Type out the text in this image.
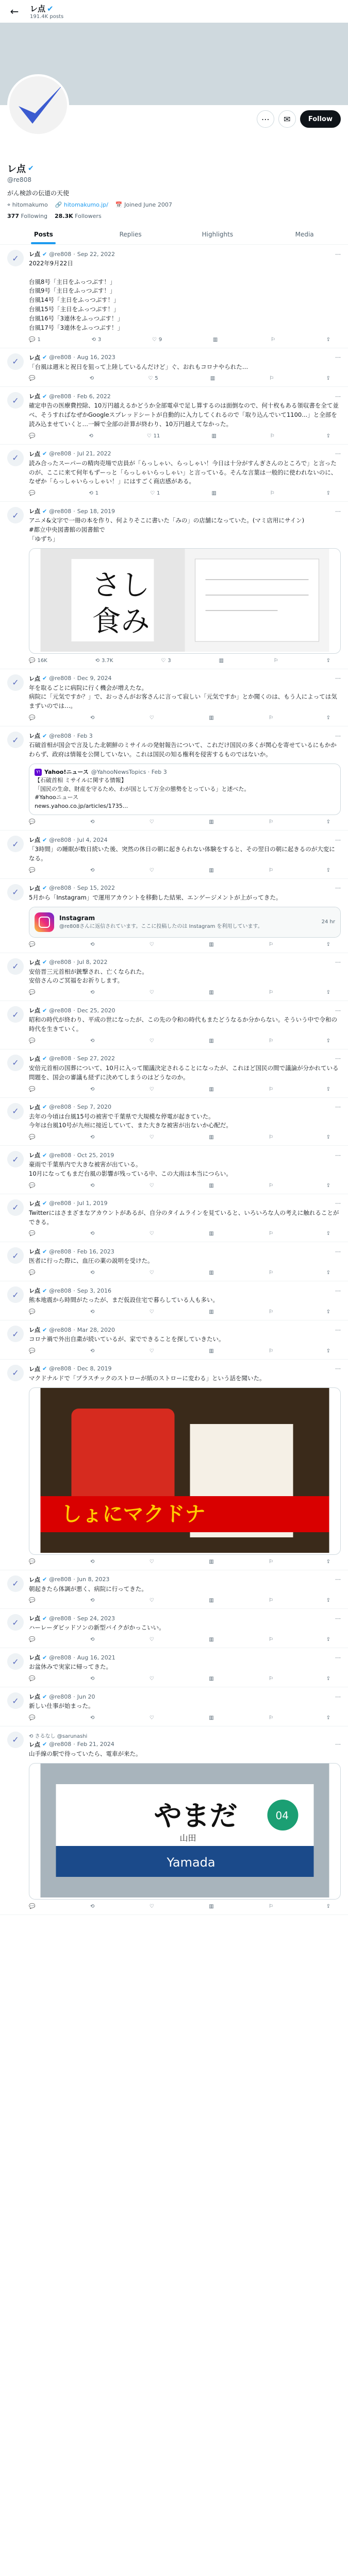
←	レ点 ✔
191.4K posts
⋯	✉	Follow
レ点 ✔
@re808
がん検診の伝道の天使
⌖ hitomakumo 🔗 hitomakumo.jp/ 📅 Joined June 2007
377 Following 28.3K Followers
Posts	Replies	Highlights	Media
✓	レ点 ✔ @re808 · Sep 22, 2022	⋯
2022年9月22日

台風8号「主日をふっつぶす！」
台風9号「主日をふっつぶす！」
台風14号「主日をふっつぶす！」
台風15号「主日をふっつぶす！」
台風16号「3連休をふっつぶす！」
台風17号「3連休をふっつぶす！」
💬 1	⟲ 3	♡ 9	▥	⚐	⇪
✓	レ点 ✔ @re808 · Aug 16, 2023	⋯
「台風は週末と祝日を狙って上陸しているんだけど」ぐ、おれもコロナやられた…
💬	⟲	♡ 5	▥	⚐	⇪
✓	レ点 ✔ @re808 · Feb 6, 2022	⋯
確定申告の医療費控除、10万円越えるかどうか全部電卓で足し算するのは面倒なので、何十枚もある領収書を全て並べ、そうすればなぜかGoogleスプレッドシートが自動的に入力してくれるので「取り込んでいて1100...」と全部を読み込ませていくと…一瞬で全部の計算が終わり、10万円越えてなかった。
💬	⟲	♡ 11	▥	⚐	⇪
✓	レ点 ✔ @re808 · Jul 21, 2022	⋯
読み合ったスーパーの精肉売場で店員が「らっしゃい、らっしゃい！今日は十分がすんぎさんのところで」と言ったのが、ここに来て何年もずーっと「らっしゃいらっしゃい」と言っている。そんな言葉は一般的に使われないのに、なぜか「らっしゃいらっしゃい！」にはすごく商店感がある。
💬	⟲ 1	♡ 1	▥	⚐	⇪
✓	レ点 ✔ @re808 · Sep 18, 2019	⋯
アニメ&文字で一冊の本を作り、何よりそこに書いた「みの」の店舗になっていた。(マミ店用にサイン)
#都立中央図書館の図書館で
「ゆずち」
さし
食み
💬 16K	⟲ 3.7K	♡ 3	▥	⚐	⇪
✓	レ点 ✔ @re808 · Dec 9, 2024	⋯
年を取るごとに病院に行く機会が増えたな。
病院に「元気ですか？」で、おっさんがお客さんに言って寂しい「元気ですか」とか聞くのは、もう人によっては気まずいのでは…。
💬	⟲	♡	▥	⚐	⇪
✓	レ点 ✔ @re808 · Feb 3	⋯
石破首相が国会で言及した北朝鮮のミサイルの発射報告について、これだけ国民の多くが関心を寄せているにもかかわらず、政府は情報を公開していない。これは国民の知る権利を侵害するものではないか。
Y! Yahoo!ニュース @YahooNewsTopics · Feb 3
【石破首相 ミサイルに関する情報】
「国民の生命、財産を守るため、わが国として万全の態勢をとっている」と述べた。
#Yahooニュース
news.yahoo.co.jp/articles/1735...
💬	⟲	♡	▥	⚐	⇪
✓	レ点 ✔ @re808 · Jul 4, 2024	⋯
「3時間」の睡眠が数日続いた後、突然の休日の朝に起きられない体験をすると、その翌日の朝に起きるのが大変になる。
💬	⟲	♡	▥	⚐	⇪
✓	レ点 ✔ @re808 · Sep 15, 2022	⋯
5月から「Instagram」で運用アカウントを移動した結果、エンゲージメントが上がってきた。
Instagram
@re808さんに返信されています。ここに投稿したのは Instagram を利用しています。
24 hr
💬	⟲	♡	▥	⚐	⇪
✓	レ点 ✔ @re808 · Jul 8, 2022	⋯
安倍晋三元首相が銃撃され、亡くなられた。
安倍さんのご冥福をお祈りします。
💬	⟲	♡	▥	⚐	⇪
✓	レ点 ✔ @re808 · Dec 25, 2020	⋯
昭和の時代が終わり、平成の世になったが、この先の令和の時代もまたどうなるか分からない。そういう中で令和の時代を生きていく。
💬	⟲	♡	▥	⚐	⇪
✓	レ点 ✔ @re808 · Sep 27, 2022	⋯
安倍元首相の国葬について、10月に入って閣議決定されることになったが、これほど国民の間で議論が分かれている問題を、国会の審議も経ずに決めてしまうのはどうなのか。
💬	⟲	♡	▥	⚐	⇪
✓	レ点 ✔ @re808 · Sep 7, 2020	⋯
去年の今頃は台風15号の被害で千葉県で大規模な停電が起きていた。
今年は台風10号が九州に接近していて、また大きな被害が出ないか心配だ。
💬	⟲	♡	▥	⚐	⇪
✓	レ点 ✔ @re808 · Oct 25, 2019	⋯
豪雨で千葉県内で大きな被害が出ている。
10月になってもまだ台風の影響が残っている中、この大雨は本当につらい。
💬	⟲	♡	▥	⚐	⇪
✓	レ点 ✔ @re808 · Jul 1, 2019	⋯
Twitterにはさまざまなアカウントがあるが、自分のタイムラインを見ていると、いろいろな人の考えに触れることができる。
💬	⟲	♡	▥	⚐	⇪
✓	レ点 ✔ @re808 · Feb 16, 2023	⋯
医者に行った際に、血圧の薬の説明を受けた。
💬	⟲	♡	▥	⚐	⇪
✓	レ点 ✔ @re808 · Sep 3, 2016	⋯
熊本地震から時間がたったが、まだ仮設住宅で暮らしている人も多い。
💬	⟲	♡	▥	⚐	⇪
✓	レ点 ✔ @re808 · Mar 28, 2020	⋯
コロナ禍で外出自粛が続いているが、家でできることを探していきたい。
💬	⟲	♡	▥	⚐	⇪
✓	レ点 ✔ @re808 · Dec 8, 2019	⋯
マクドナルドで「プラスチックのストローが紙のストローに変わる」という話を聞いた。
しょにマクドナ
💬	⟲	♡	▥	⚐	⇪
✓	レ点 ✔ @re808 · Jun 8, 2023	⋯
朝起きたら体調が悪く、病院に行ってきた。
💬	⟲	♡	▥	⚐	⇪
✓	レ点 ✔ @re808 · Sep 24, 2023	⋯
ハーレーダビッドソンの新型バイクがかっこいい。
💬	⟲	♡	▥	⚐	⇪
✓	レ点 ✔ @re808 · Aug 16, 2021	⋯
お盆休みで実家に帰ってきた。
💬	⟲	♡	▥	⚐	⇪
✓	レ点 ✔ @re808 · Jun 20	⋯
新しい仕事が始まった。
💬	⟲	♡	▥	⚐	⇪
✓	⟲ さるなし @sarunashi
レ点 ✔ @re808 · Feb 21, 2024	⋯
山手線の駅で待っていたら、電車が来た。
やまだ
山田
Yamada
04
💬	⟲	♡	▥	⚐	⇪
